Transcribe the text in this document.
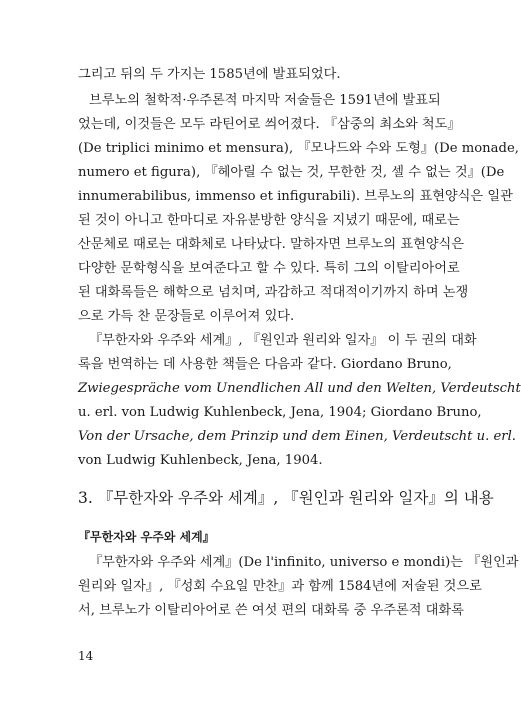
그리고 뒤의 두 가지는 1585년에 발표되었다.
브루노의 철학적·우주론적 마지막 저술들은 1591년에 발표되
었는데, 이것들은 모두 라틴어로 씌어졌다. 『삼중의 최소와 척도』
(De triplici minimo et mensura), 『모나드와 수와 도형』(De monade,
numero et figura), 『헤아릴 수 없는 것, 무한한 것, 셀 수 없는 것』(De
innumerabilibus, immenso et infigurabili). 브루노의 표현양식은 일관
된 것이 아니고 한마디로 자유분방한 양식을 지녔기 때문에, 때로는
산문체로 때로는 대화체로 나타났다. 말하자면 브루노의 표현양식은
다양한 문학형식을 보여준다고 할 수 있다. 특히 그의 이탈리아어로
된 대화록들은 해학으로 넘치며, 과감하고 적대적이기까지 하며 논쟁
으로 가득 찬 문장들로 이루어져 있다.
『무한자와 우주와 세계』, 『원인과 원리와 일자』 이 두 권의 대화
록을 번역하는 데 사용한 책들은 다음과 같다. Giordano Bruno,
Zwiegespräche vom Unendlichen All und den Welten, Verdeutscht
u. erl. von Ludwig Kuhlenbeck, Jena, 1904; Giordano Bruno,
Von der Ursache, dem Prinzip und dem Einen, Verdeutscht u. erl.
von Ludwig Kuhlenbeck, Jena, 1904.
3. 『무한자와 우주와 세계』, 『원인과 원리와 일자』의 내용
『무한자와 우주와 세계』
『무한자와 우주와 세계』(De l'infinito, universo e mondi)는 『원인과
원리와 일자』, 『성회 수요일 만찬』과 함께 1584년에 저술된 것으로
서, 브루노가 이탈리아어로 쓴 여섯 편의 대화록 중 우주론적 대화록
14
